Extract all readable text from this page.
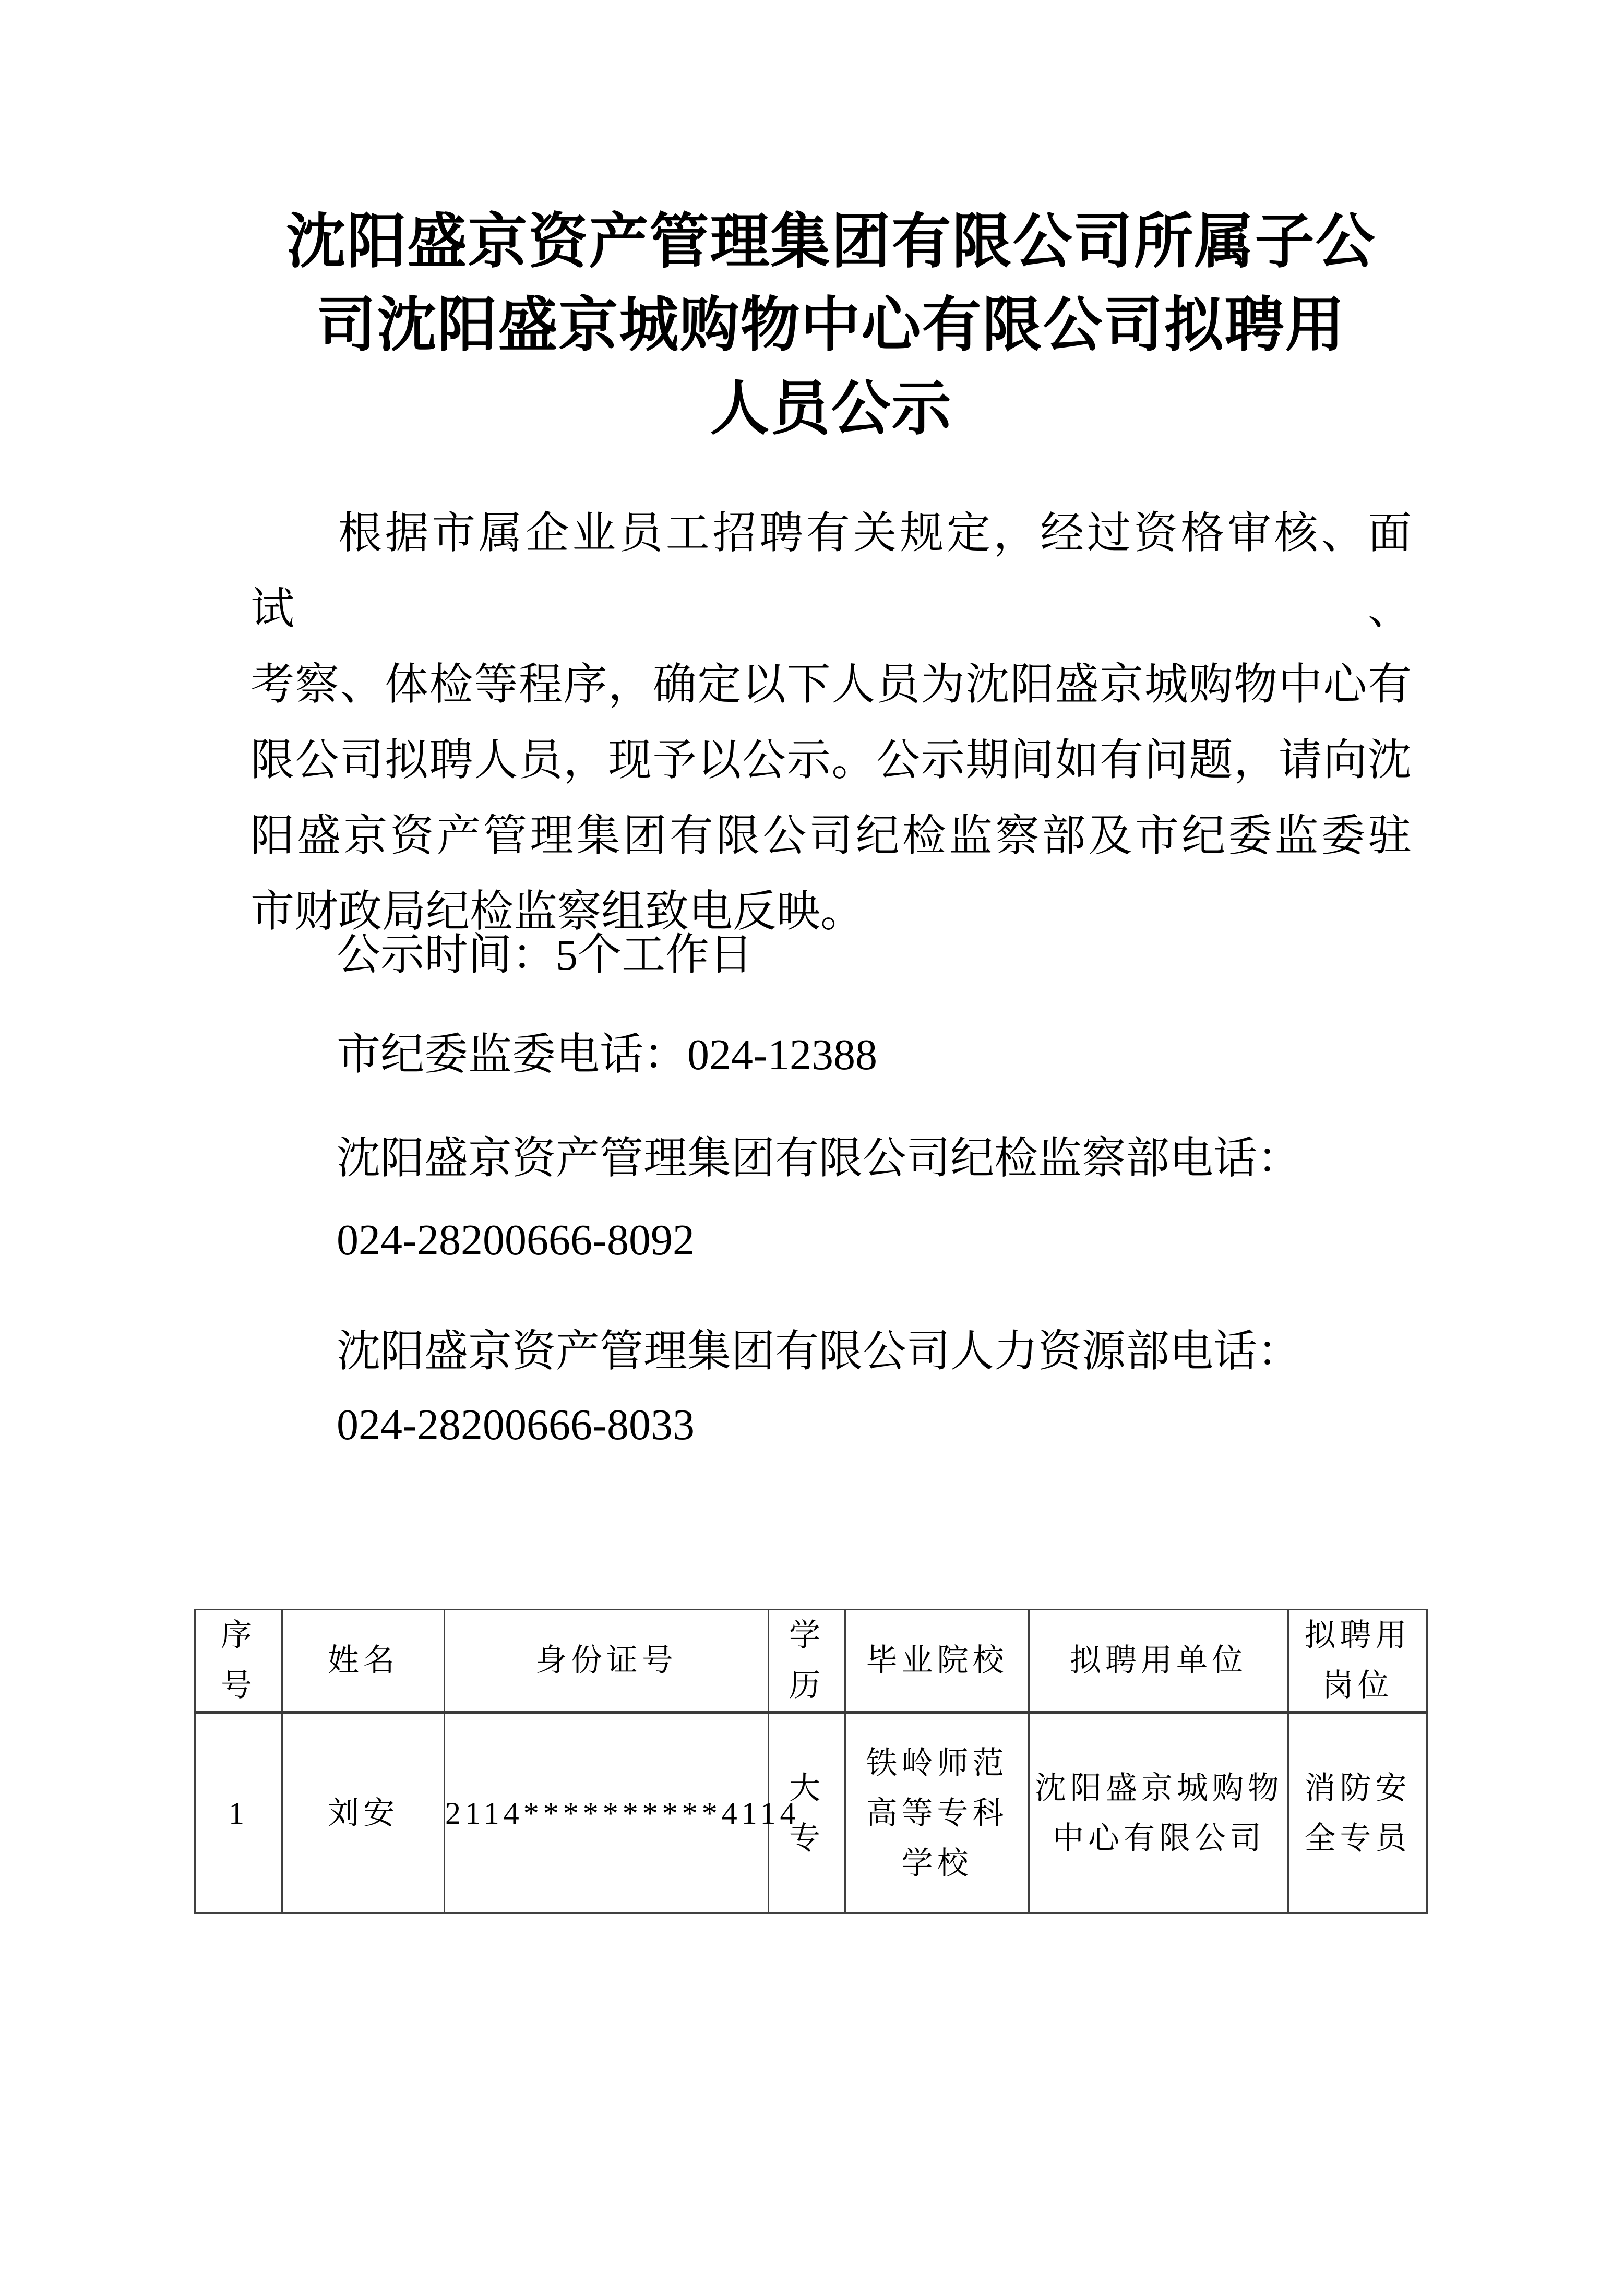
沈阳盛京资产管理集团有限公司所属子公
司沈阳盛京城购物中心有限公司拟聘用
人员公示
根据市属企业员工招聘有关规定，经过资格审核、面试、
考察、体检等程序，确定以下人员为沈阳盛京城购物中心有
限公司拟聘人员，现予以公示。公示期间如有问题，请向沈
阳盛京资产管理集团有限公司纪检监察部及市纪委监委驻
市财政局纪检监察组致电反映。
公示时间：5个工作日
市纪委监委电话：024-12388
沈阳盛京资产管理集团有限公司纪检监察部电话：
024-28200666-8092
沈阳盛京资产管理集团有限公司人力资源部电话：
024-28200666-8033
序号	姓名	身份证号	学历	毕业院校	拟聘用单位	拟聘用岗位

1	刘安	2114**********4114	大专	铁岭师范高等专科学校	沈阳盛京城购物中心有限公司	消防安全专员
